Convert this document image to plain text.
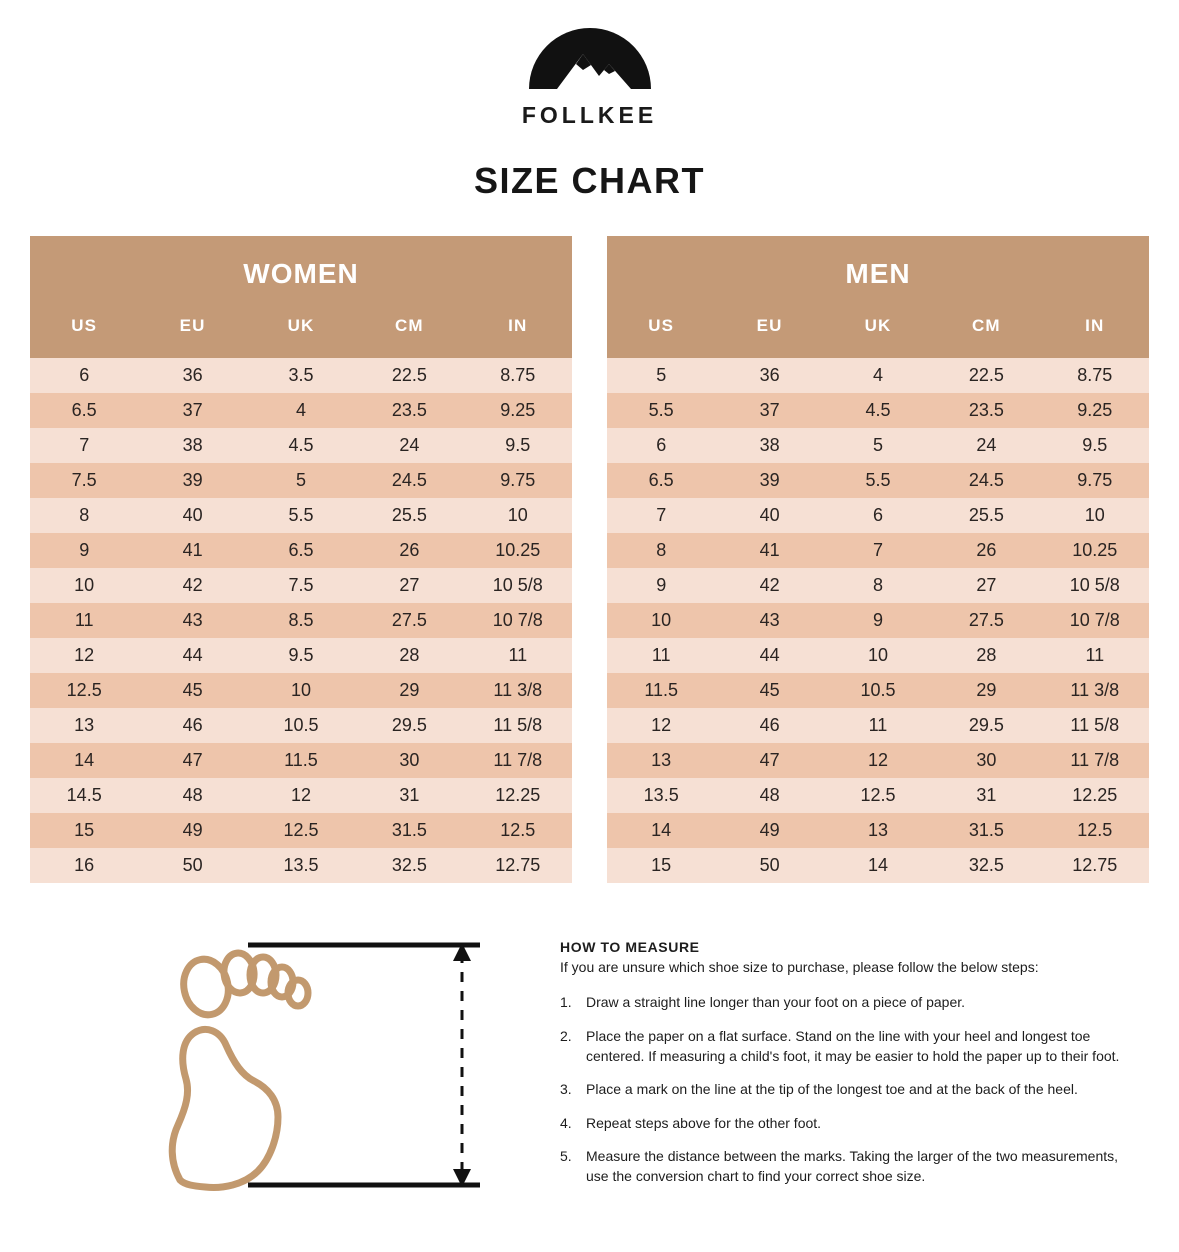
FOLLKEE
SIZE CHART
WOMEN				
US	EU	UK	CM	IN
6	36	3.5	22.5	8.75
6.5	37	4	23.5	9.25
7	38	4.5	24	9.5
7.5	39	5	24.5	9.75
8	40	5.5	25.5	10
9	41	6.5	26	10.25
10	42	7.5	27	10 5/8
11	43	8.5	27.5	10 7/8
12	44	9.5	28	11
12.5	45	10	29	11 3/8
13	46	10.5	29.5	11 5/8
14	47	11.5	30	11 7/8
14.5	48	12	31	12.25
15	49	12.5	31.5	12.5
16	50	13.5	32.5	12.75
MEN				
US	EU	UK	CM	IN
5	36	4	22.5	8.75
5.5	37	4.5	23.5	9.25
6	38	5	24	9.5
6.5	39	5.5	24.5	9.75
7	40	6	25.5	10
8	41	7	26	10.25
9	42	8	27	10 5/8
10	43	9	27.5	10 7/8
11	44	10	28	11
11.5	45	10.5	29	11 3/8
12	46	11	29.5	11 5/8
13	47	12	30	11 7/8
13.5	48	12.5	31	12.25
14	49	13	31.5	12.5
15	50	14	32.5	12.75
HOW TO MEASURE

If you are unsure which shoe size to purchase, please follow the below steps:

1.	Draw a straight line longer than your foot on a piece of paper.
2.	Place the paper on a flat surface. Stand on the line with your heel and longest toe centered. If measuring a child's foot, it may be easier to hold the paper up to their foot.
3.	Place a mark on the line at the tip of the longest toe and at the back of the heel.
4.	Repeat steps above for the other foot.
5.	Measure the distance between the marks. Taking the larger of the two measurements, use the conversion chart to find your correct shoe size.
